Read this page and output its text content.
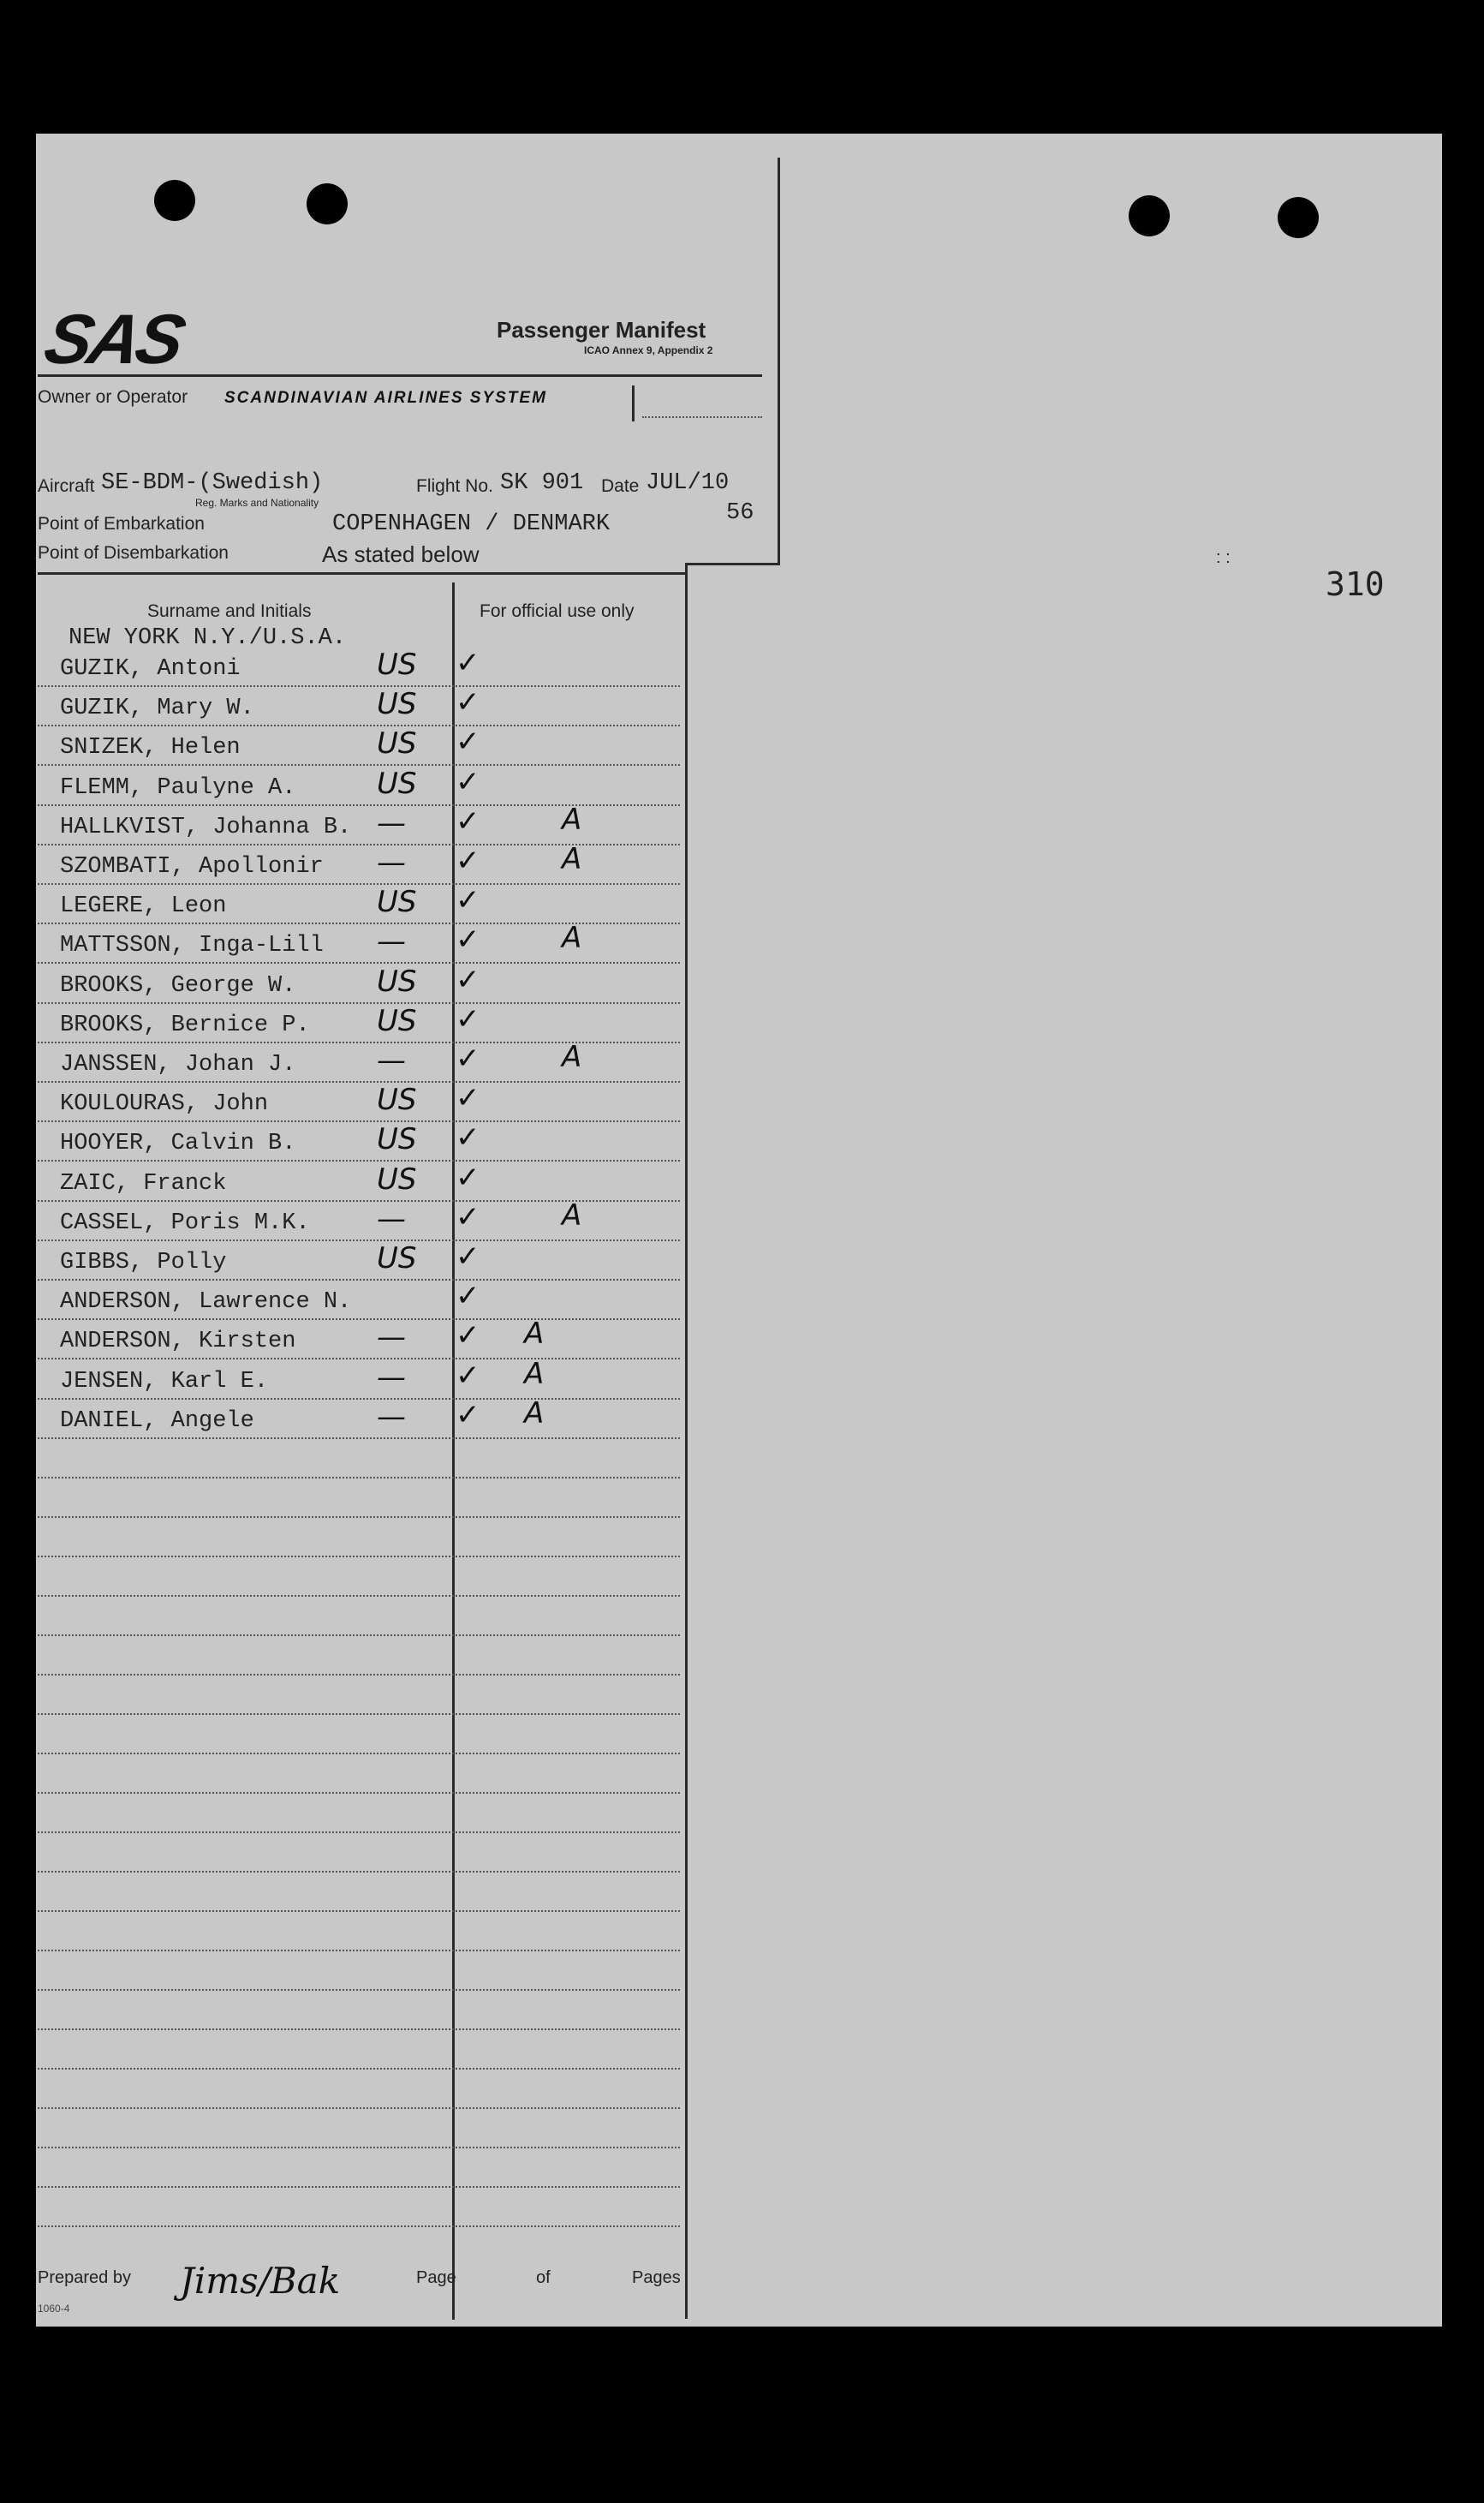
SAS	Passenger Manifest
ICAO Annex 9, Appendix 2
Owner or Operator SCANDINAVIAN AIRLINES SYSTEM
Aircraft SE-BDM-(Swedish)
Reg. Marks and Nationality
Flight No. SK 901 Date JUL/10
56
Point of Embarkation	COPENHAGEN / DENMARK
Point of Disembarkation	As stated below
Surname and Initials	For official use only
NEW YORK N.Y./U.S.A.
GUZIK, Antoni	US ✓
GUZIK, Mary W.	US ✓
SNIZEK, Helen	US ✓
FLEMM, Paulyne A.	US ✓
HALLKVIST, Johanna B. — ✓	A
SZOMBATI, Apollonir — ✓	A
LEGERE, Leon	US ✓
MATTSSON, Inga-Lill — ✓	A
BROOKS, George W.	US ✓
BROOKS, Bernice P. US ✓
JANSSEN, Johan J.	— ✓	A
KOULOURAS, John	US ✓
HOOYER, Calvin B.	US ✓
ZAIC, Franck	US ✓
CASSEL, Poris M.K. — ✓	A
GIBBS, Polly	US ✓
ANDERSON, Lawrence N.	✓
ANDERSON, Kirsten	— ✓ A
JENSEN, Karl E.	— ✓ A
DANIEL, Angele	— ✓ A
310
: :
Prepared by Jims/Bak	Page	of	Pages
1060-4
